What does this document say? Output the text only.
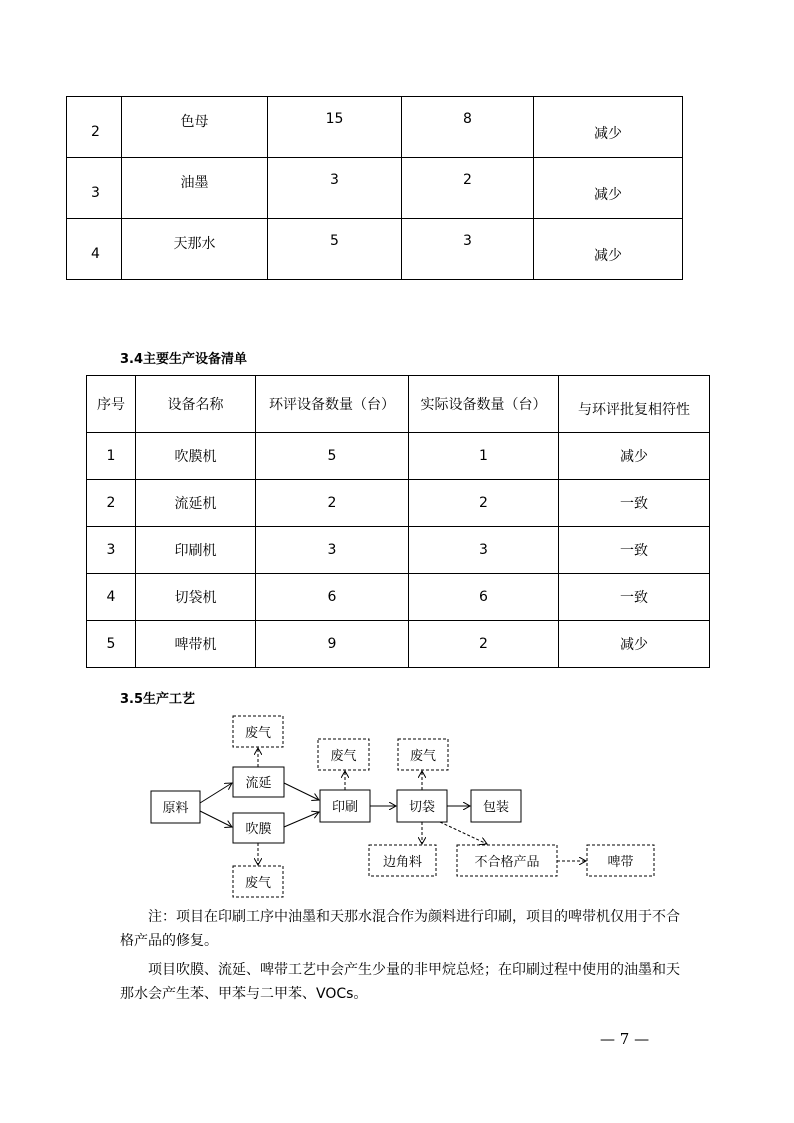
2	色母	15	8	减少
3	油墨	3	2	减少
4	天那水	5	3	减少
3.4主要生产设备清单
序号	设备名称	环评设备数量（台）	实际设备数量（台）	与环评批复相符性
1	吹膜机	5	1	减少
2	流延机	2	2	一致
3	印刷机	3	3	一致
4	切袋机	6	6	一致
5	啤带机	9	2	减少
3.5生产工艺
原料
流延
吹膜
印刷	切袋	包装
废气
废气	废气
废气
边角料	不合格产品	啤带
注：项目在印刷工序中油墨和天那水混合作为颜料进行印刷，项目的啤带机仅用于不合格产品的修复。
项目吹膜、流延、啤带工艺中会产生少量的非甲烷总烃；在印刷过程中使用的油墨和天那水会产生苯、甲苯与二甲苯、VOCs。
— 7 —
